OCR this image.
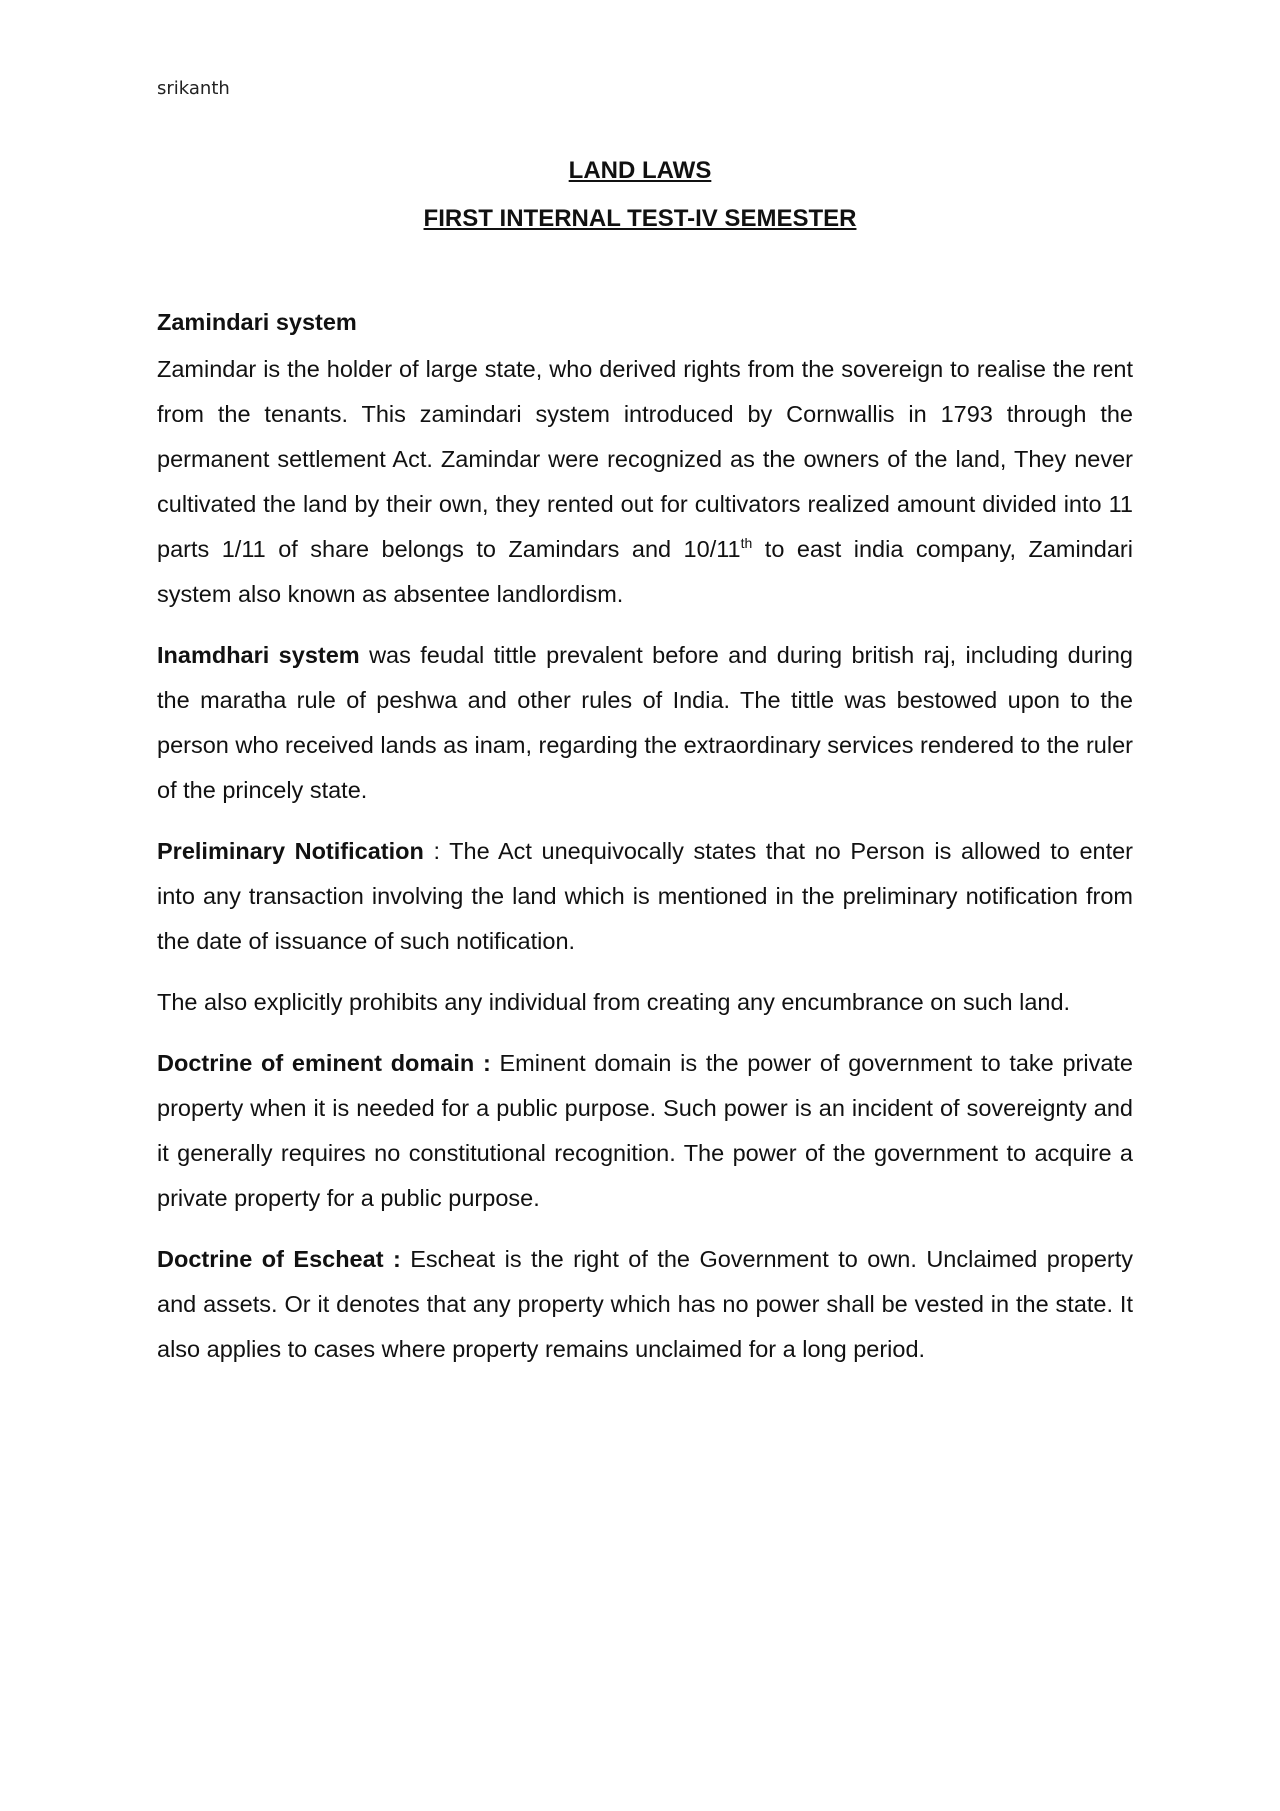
srikanth
LAND LAWS
FIRST INTERNAL TEST-IV SEMESTER
Zamindari system

Zamindar is the holder of large state, who derived rights from the sovereign to realise the rent from the tenants. This zamindari system introduced by Cornwallis in 1793 through the permanent settlement Act. Zamindar were recognized as the owners of the land, They never cultivated the land by their own, they rented out for cultivators realized amount divided into 11 parts 1/11 of share belongs to Zamindars and 10/11th to east india company, Zamindari system also known as absentee landlordism.

Inamdhari system was feudal tittle prevalent before and during british raj, including during the maratha rule of peshwa and other rules of India. The tittle was bestowed upon to the person who received lands as inam, regarding the extraordinary services rendered to the ruler of the princely state.

Preliminary Notification : The Act unequivocally states that no Person is allowed to enter into any transaction involving the land which is mentioned in the preliminary notification from the date of issuance of such notification.

The also explicitly prohibits any individual from creating any encumbrance on such land.

Doctrine of eminent domain : Eminent domain is the power of government to take private property when it is needed for a public purpose. Such power is an incident of sovereignty and it generally requires no constitutional recognition. The power of the government to acquire a private property for a public purpose.

Doctrine of Escheat : Escheat is the right of the Government to own. Unclaimed property and assets. Or it denotes that any property which has no power shall be vested in the state. It also applies to cases where property remains unclaimed for a long period.
